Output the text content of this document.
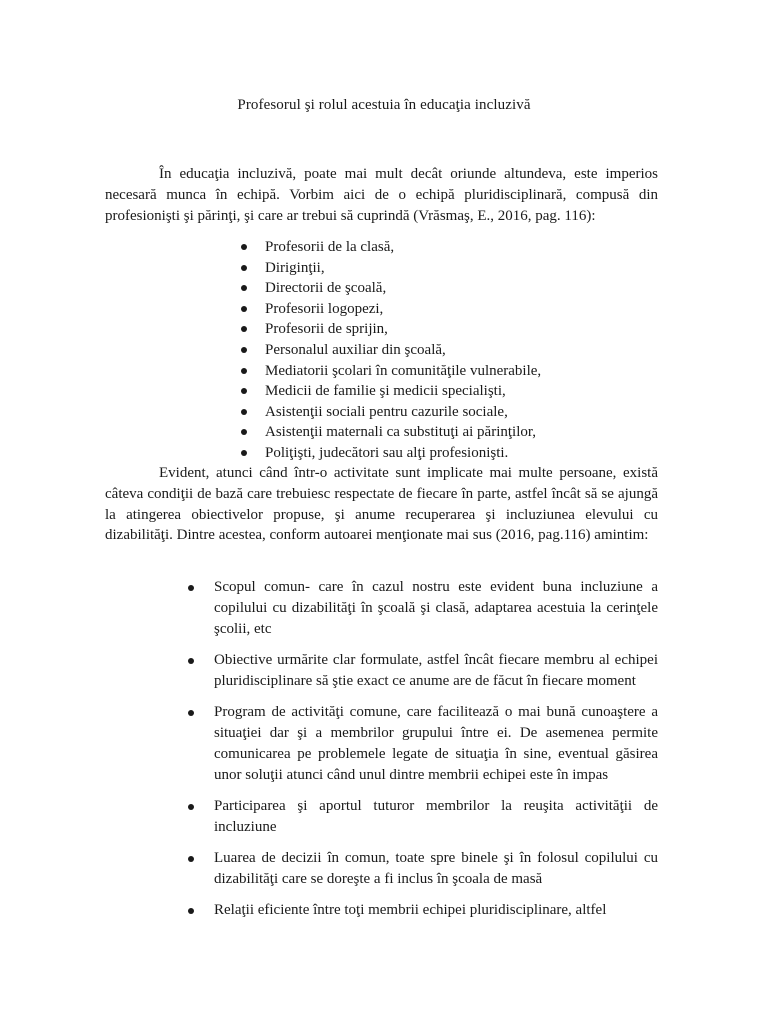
Profesorul şi rolul acestuia în educaţia incluzivă

În educaţia incluzivă, poate mai mult decât oriunde altundeva, este imperios necesară munca în echipă. Vorbim aici de o echipă pluridisciplinară, compusă din profesionişti şi părinţi, şi care ar trebui să cuprindă (Vrăsmaş, E., 2016, pag. 116):

Profesorii de la clasă,
Diriginţii,
Directorii de şcoală,
Profesorii logopezi,
Profesorii de sprijin,
Personalul auxiliar din şcoală,
Mediatorii şcolari în comunităţile vulnerabile,
Medicii de familie şi medicii specialişti,
Asistenţii sociali pentru cazurile sociale,
Asistenţii maternali ca substituţi ai părinţilor,
Poliţişti, judecători sau alţi profesionişti.

Evident, atunci când într-o activitate sunt implicate mai multe persoane, există câteva condiţii de bază care trebuiesc respectate de fiecare în parte, astfel încât să se ajungă la atingerea obiectivelor propuse, şi anume recuperarea şi incluziunea elevului cu dizabilităţi. Dintre acestea, conform autoarei menţionate mai sus (2016, pag.116) amintim:

Scopul comun- care în cazul nostru este evident buna incluziune a copilului cu dizabilităţi în şcoală şi clasă, adaptarea acestuia la cerinţele şcolii, etc
Obiective urmărite clar formulate, astfel încât fiecare membru al echipei pluridisciplinare să ştie exact ce anume are de făcut în fiecare moment
Program de activităţi comune, care facilitează o mai bună cunoaştere a situaţiei dar şi a membrilor grupului între ei. De asemenea permite comunicarea pe problemele legate de situaţia în sine, eventual găsirea unor soluţii atunci când unul dintre membrii echipei este în impas
Participarea şi aportul tuturor membrilor la reuşita activităţii de incluziune
Luarea de decizii în comun, toate spre binele şi în folosul copilului cu dizabilităţi care se doreşte a fi inclus în şcoala de masă
Relaţii eficiente între toţi membrii echipei pluridisciplinare, altfel
